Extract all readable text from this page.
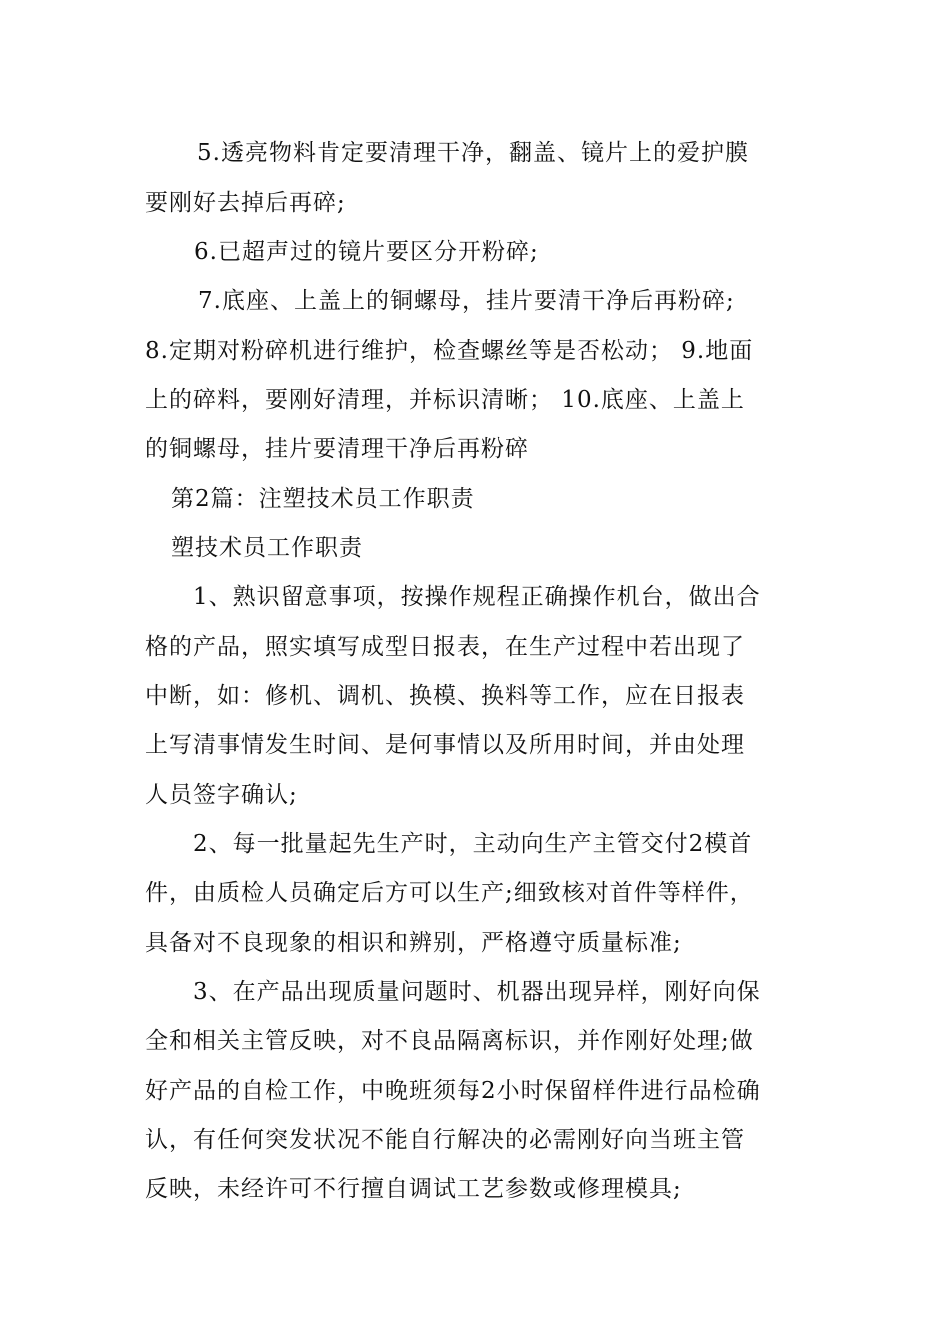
5.透亮物料肯定要清理干净，翻盖、镜片上的爱护膜
要刚好去掉后再碎;
6.已超声过的镜片要区分开粉碎;
7.底座、上盖上的铜螺母，挂片要清干净后再粉碎;
8.定期对粉碎机进行维护，检查螺丝等是否松动； 9.地面
上的碎料，要刚好清理，并标识清晰； 10.底座、上盖上
的铜螺母，挂片要清理干净后再粉碎
第2篇：注塑技术员工作职责
塑技术员工作职责
1、熟识留意事项，按操作规程正确操作机台，做出合
格的产品，照实填写成型日报表，在生产过程中若出现了
中断，如：修机、调机、换模、换料等工作，应在日报表
上写清事情发生时间、是何事情以及所用时间，并由处理
人员签字确认;
2、每一批量起先生产时，主动向生产主管交付2模首
件，由质检人员确定后方可以生产;细致核对首件等样件，
具备对不良现象的相识和辨别，严格遵守质量标准;
3、在产品出现质量问题时、机器出现异样，刚好向保
全和相关主管反映，对不良品隔离标识，并作刚好处理;做
好产品的自检工作，中晚班须每2小时保留样件进行品检确
认，有任何突发状况不能自行解决的必需刚好向当班主管
反映，未经许可不行擅自调试工艺参数或修理模具;
